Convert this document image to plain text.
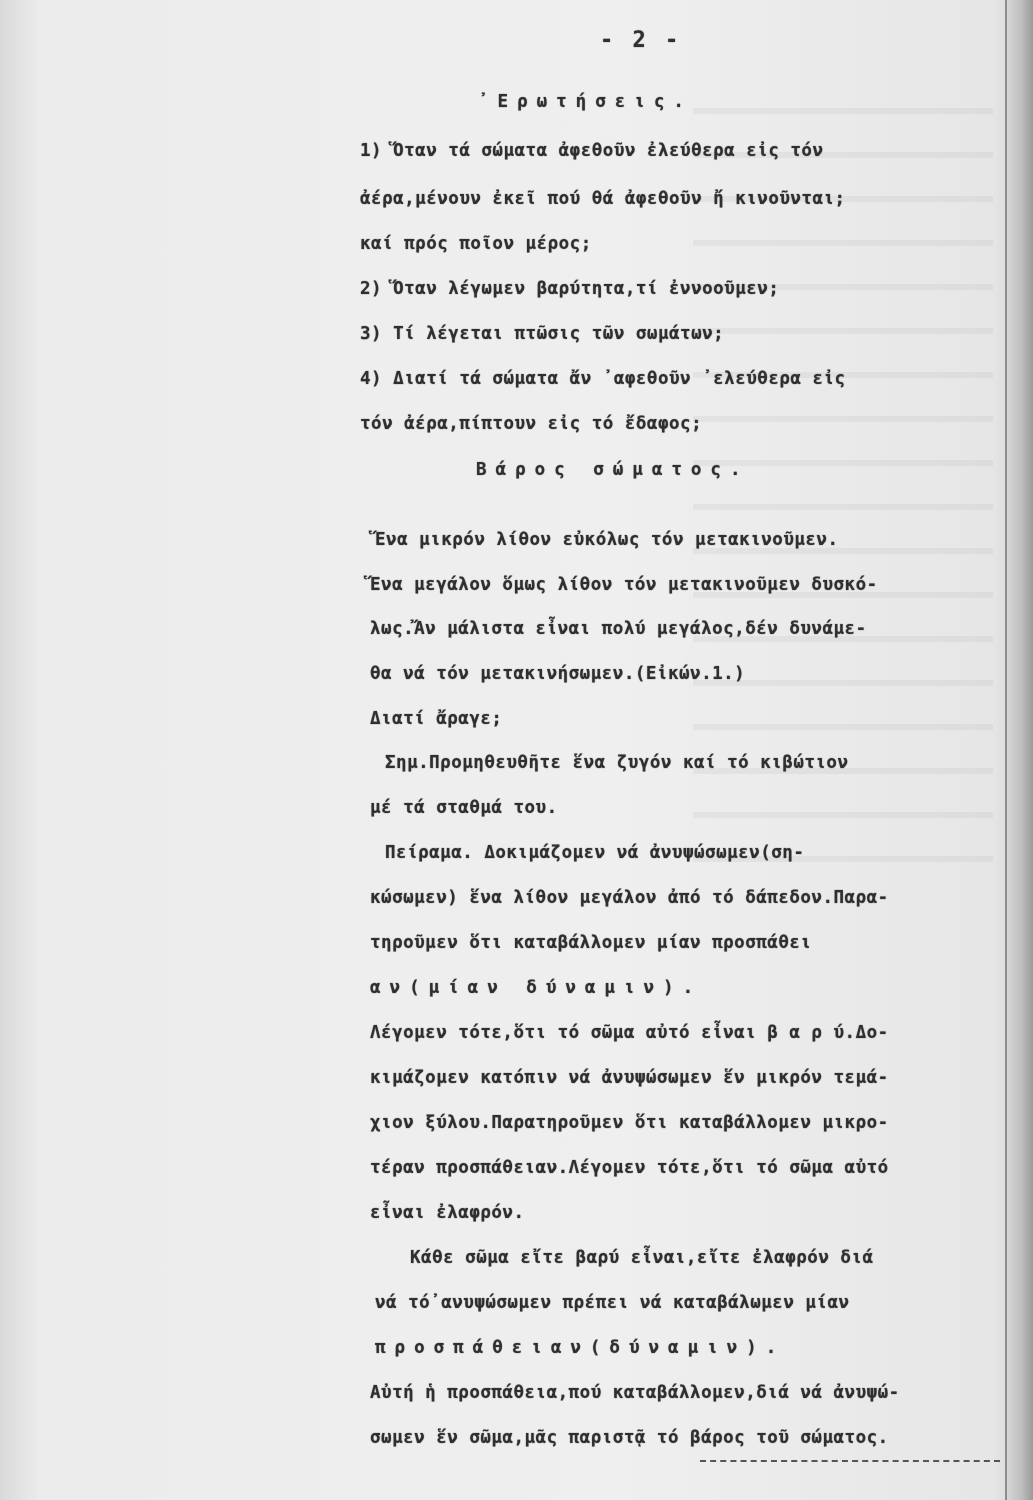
- 2 -
᾽Ερωτήσεις.
1) Ὅταν τά σώματα ἀφεθοῦν ἐλεύθερα εἰς τόν
ἀέρα,μένουν ἐκεῖ πού θά ἀφεθοῦν ἤ κινοῦνται;
καί πρός ποῖον μέρος;
2) Ὅταν λέγωμεν βαρύτητα,τί ἐννοοῦμεν;
3) Τί λέγεται πτῶσις τῶν σωμάτων;
4) Διατί τά σώματα ἄν ᾽αφεθοῦν ᾽ελεύθερα εἰς
τόν ἀέρα,πίπτουν εἰς τό ἔδαφος;
Βάρος σώματος.
Ἕνα μικρόν λίθον εὐκόλως τόν μετακινοῦμεν.
Ἕνα μεγάλον ὅμως λίθον τόν μετακινοῦμεν δυσκό-
λως.Ἄν μάλιστα εἶναι πολύ μεγάλος,δέν δυνάμε-
θα νά τόν μετακινήσωμεν.(Εἰκών.1.)
Διατί ἄραγε;
Σημ.Προμηθευθῆτε ἕνα ζυγόν καί τό κιβώτιον
μέ τά σταθμά του.
Πείραμα. Δοκιμάζομεν νά ἀνυψώσωμεν(ση-
κώσωμεν) ἕνα λίθον μεγάλον ἀπό τό δάπεδον.Παρα-
τηροῦμεν ὅτι καταβάλλομεν μίαν προσπάθει
αν(μίαν δύναμιν).
Λέγομεν τότε,ὅτι τό σῶμα αὐτό εἶναι β α ρ ύ.Δο-
κιμάζομεν κατόπιν νά ἀνυψώσωμεν ἕν μικρόν τεμά-
χιον ξύλου.Παρατηροῦμεν ὅτι καταβάλλομεν μικρο-
τέραν προσπάθειαν.Λέγομεν τότε,ὅτι τό σῶμα αὐτό
εἶναι ἐλαφρόν.
Κάθε σῶμα εἴτε βαρύ εἶναι,εἴτε ἐλαφρόν διά
νά τό᾽ανυψώσωμεν πρέπει νά καταβάλωμεν μίαν
προσπάθειαν(δύναμιν).
Αὐτή ἡ προσπάθεια,πού καταβάλλομεν,διά νά ἀνυψώ-
σωμεν ἕν σῶμα,μᾶς παριστᾷ τό βάρος τοῦ σώματος.
